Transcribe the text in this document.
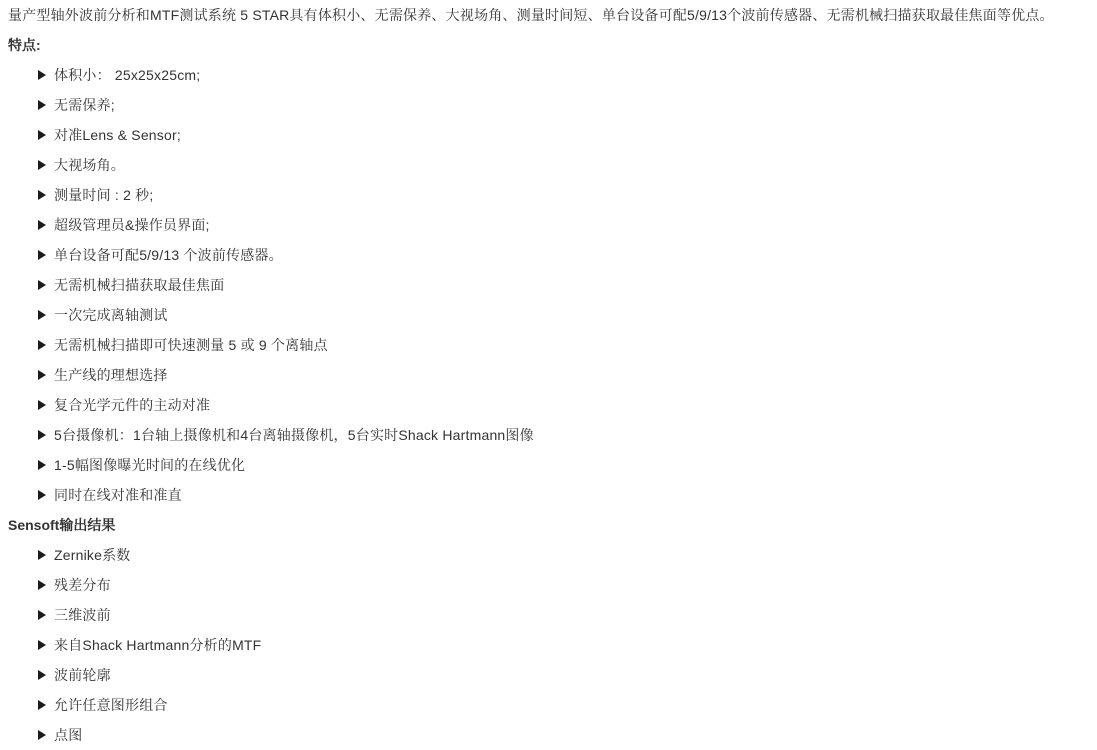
量产型轴外波前分析和MTF测试系统 5 STAR具有体积小、无需保养、大视场角、测量时间短、单台设备可配5/9/13个波前传感器、无需机械扫描获取最佳焦面等优点。
特点:
体积小： 25x25x25cm;
无需保养;
对准Lens & Sensor;
大视场角。
测量时间 : 2 秒;
超级管理员&操作员界面;
单台设备可配5/9/13 个波前传感器。
无需机械扫描获取最佳焦面
一次完成离轴测试
无需机械扫描即可快速测量 5 或 9 个离轴点
生产线的理想选择
复合光学元件的主动对准
5台摄像机：1台轴上摄像机和4台离轴摄像机，5台实时Shack Hartmann图像
1-5幅图像曝光时间的在线优化
同时在线对准和准直
Sensoft输出结果
Zernike系数
残差分布
三维波前
来自Shack Hartmann分析的MTF
波前轮廓
允许任意图形组合
点图
